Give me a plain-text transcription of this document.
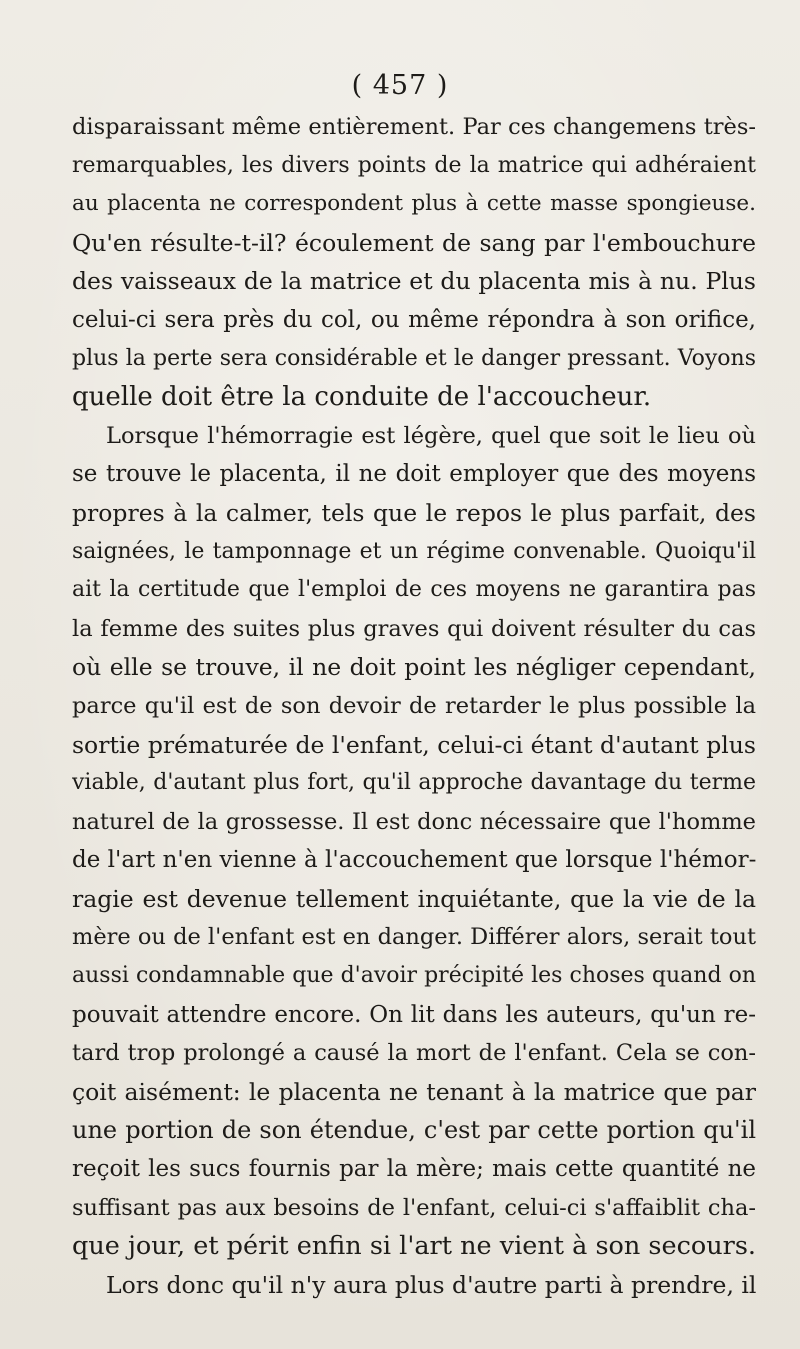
( 457 )
disparaissant même entièrement. Par ces changemens très-
remarquables, les divers points de la matrice qui adhéraient
au placenta ne correspondent plus à cette masse spongieuse.
Qu'en résulte-t-il? écoulement de sang par l'embouchure
des vaisseaux de la matrice et du placenta mis à nu. Plus
celui-ci sera près du col, ou même répondra à son orifice,
plus la perte sera considérable et le danger pressant. Voyons
quelle doit être la conduite de l'accoucheur.
Lorsque l'hémorragie est légère, quel que soit le lieu où
se trouve le placenta, il ne doit employer que des moyens
propres à la calmer, tels que le repos le plus parfait, des
saignées, le tamponnage et un régime convenable. Quoiqu'il
ait la certitude que l'emploi de ces moyens ne garantira pas
la femme des suites plus graves qui doivent résulter du cas
où elle se trouve, il ne doit point les négliger cependant,
parce qu'il est de son devoir de retarder le plus possible la
sortie prématurée de l'enfant, celui-ci étant d'autant plus
viable, d'autant plus fort, qu'il approche davantage du terme
naturel de la grossesse. Il est donc nécessaire que l'homme
de l'art n'en vienne à l'accouchement que lorsque l'hémor-
ragie est devenue tellement inquiétante, que la vie de la
mère ou de l'enfant est en danger. Différer alors, serait tout
aussi condamnable que d'avoir précipité les choses quand on
pouvait attendre encore. On lit dans les auteurs, qu'un re-
tard trop prolongé a causé la mort de l'enfant. Cela se con-
çoit aisément: le placenta ne tenant à la matrice que par
une portion de son étendue, c'est par cette portion qu'il
reçoit les sucs fournis par la mère; mais cette quantité ne
suffisant pas aux besoins de l'enfant, celui-ci s'affaiblit cha-
que jour, et périt enfin si l'art ne vient à son secours.
Lors donc qu'il n'y aura plus d'autre parti à prendre, il
